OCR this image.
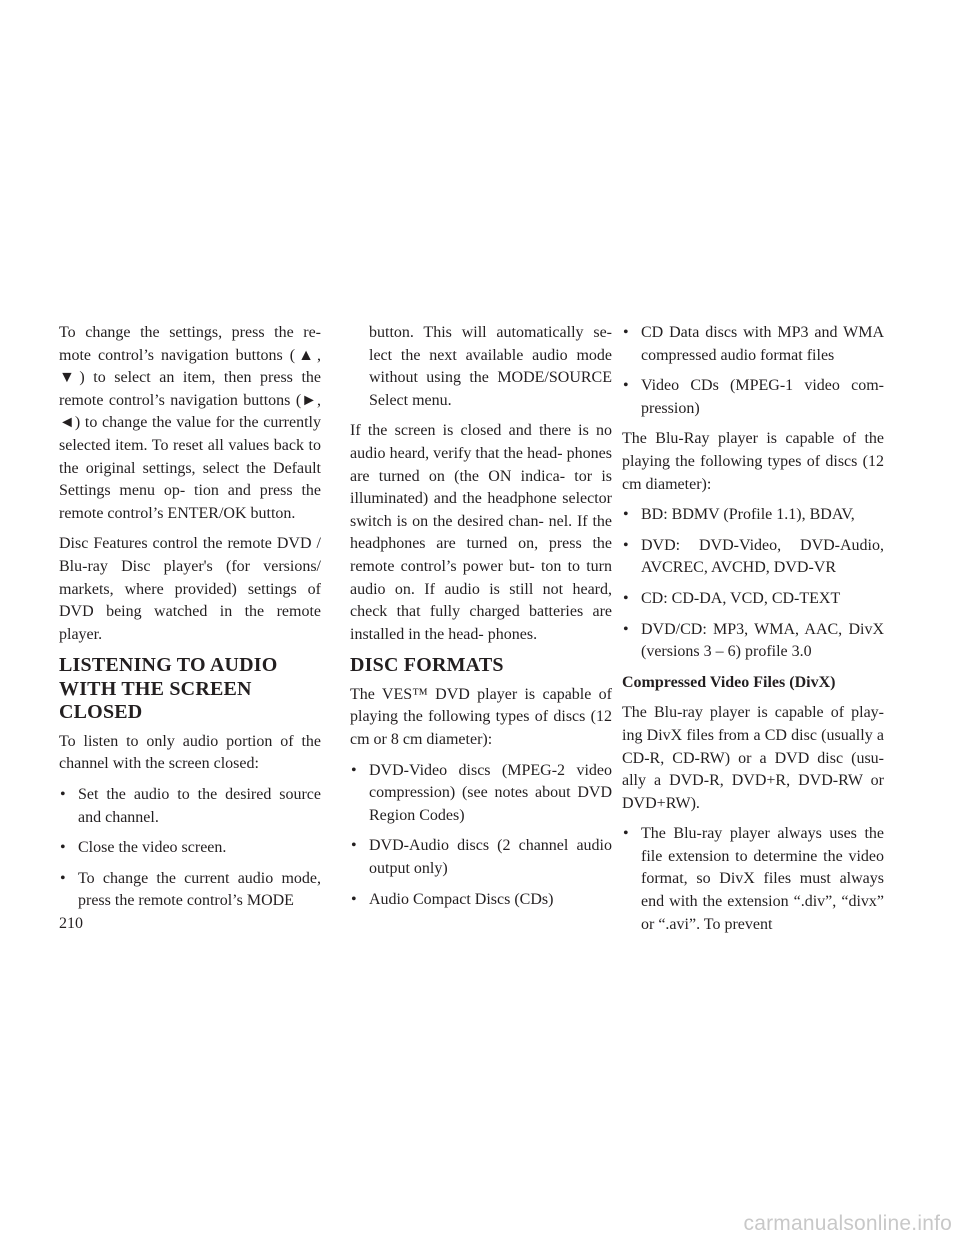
To change the settings, press the re- mote control’s navigation buttons (▲, ▼) to select an item, then press the remote control’s navigation buttons (►, ◄) to change the value for the currently selected item. To reset all values back to the original settings, select the Default Settings menu op- tion and press the remote control’s ENTER/OK button.

Disc Features control the remote DVD / Blu-ray Disc player's (for versions/ markets, where provided) settings of DVD being watched in the remote player.

LISTENING TO AUDIO WITH THE SCREEN CLOSED

To listen to only audio portion of the channel with the screen closed:

• Set the audio to the desired source and channel.

• Close the video screen.

• To change the current audio mode, press the remote control’s MODE

button. This will automatically se- lect the next available audio mode without using the MODE/SOURCE Select menu.

If the screen is closed and there is no audio heard, verify that the head- phones are turned on (the ON indica- tor is illuminated) and the headphone selector switch is on the desired chan- nel. If the headphones are turned on, press the remote control’s power but- ton to turn audio on. If audio is still not heard, check that fully charged batteries are installed in the head- phones.

DISC FORMATS

The VES™ DVD player is capable of playing the following types of discs (12 cm or 8 cm diameter):

• DVD-Video discs (MPEG-2 video compression) (see notes about DVD Region Codes)

• DVD-Audio discs (2 channel audio output only)

• Audio Compact Discs (CDs)

• CD Data discs with MP3 and WMA compressed audio format files

• Video CDs (MPEG-1 video com- pression)

The Blu-Ray player is capable of the playing the following types of discs (12 cm diameter):

• BD: BDMV (Profile 1.1), BDAV,

• DVD: DVD-Video, DVD-Audio, AVCREC, AVCHD, DVD-VR

• CD: CD-DA, VCD, CD-TEXT

• DVD/CD: MP3, WMA, AAC, DivX (versions 3 – 6) profile 3.0

Compressed Video Files (DivX)

The Blu-ray player is capable of play- ing DivX files from a CD disc (usually a CD-R, CD-RW) or a DVD disc (usu- ally a DVD-R, DVD+R, DVD-RW or DVD+RW).

• The Blu-ray player always uses the file extension to determine the video format, so DivX files must always end with the extension “.div”, “divx” or “.avi”. To prevent

210
carmanualsonline.info
